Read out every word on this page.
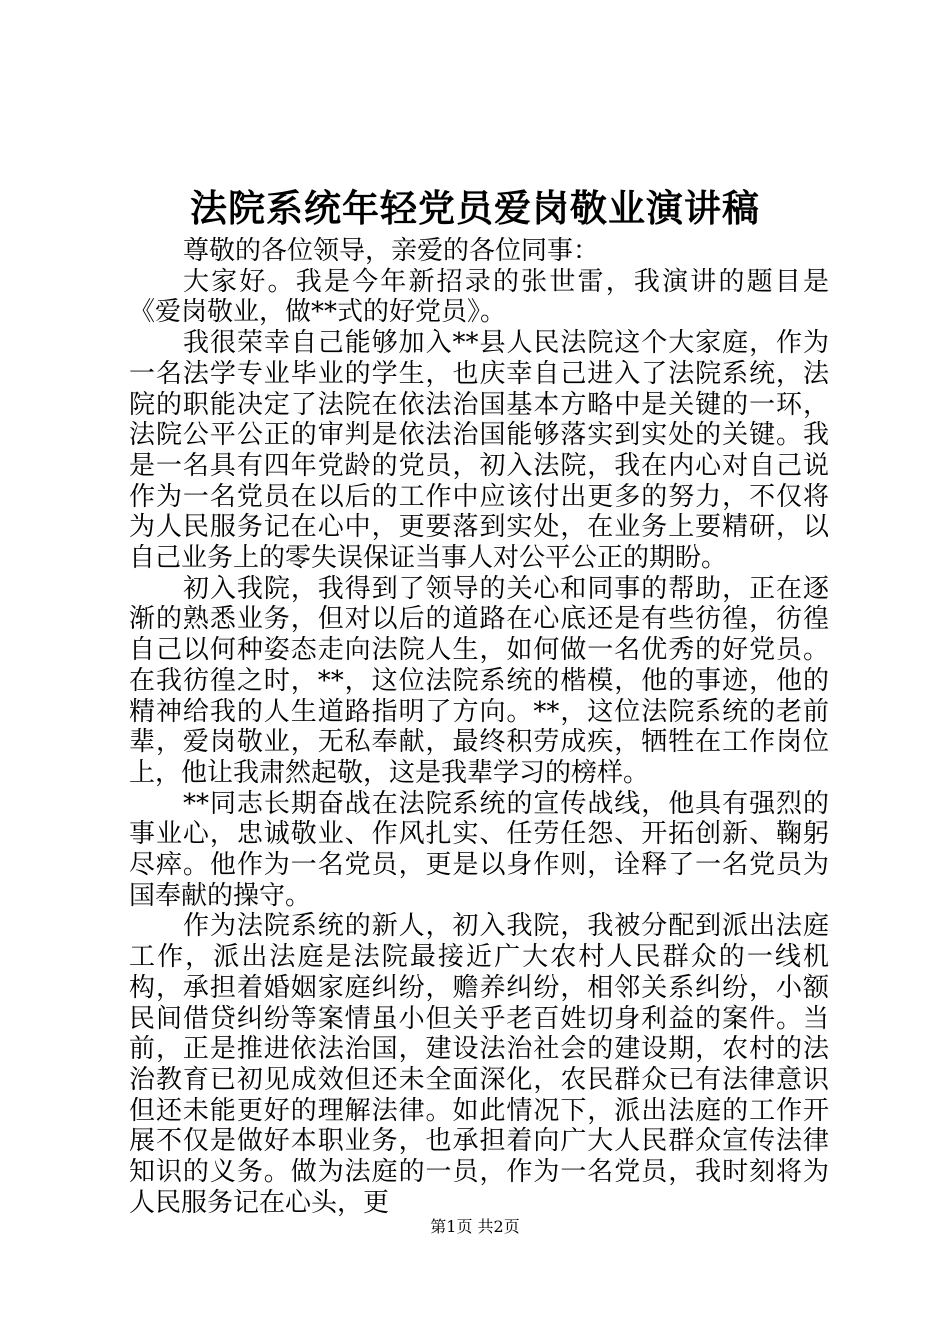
法院系统年轻党员爱岗敬业演讲稿

尊敬的各位领导，亲爱的各位同事：

大家好。我是今年新招录的张世雷，我演讲的题目是《爱岗敬业，做**式的好党员》。

我很荣幸自己能够加入**县人民法院这个大家庭，作为一名法学专业毕业的学生，也庆幸自己进入了法院系统，法院的职能决定了法院在依法治国基本方略中是关键的一环，法院公平公正的审判是依法治国能够落实到实处的关键。我是一名具有四年党龄的党员，初入法院，我在内心对自己说作为一名党员在以后的工作中应该付出更多的努力，不仅将为人民服务记在心中，更要落到实处，在业务上要精研，以自己业务上的零失误保证当事人对公平公正的期盼。

初入我院，我得到了领导的关心和同事的帮助，正在逐渐的熟悉业务，但对以后的道路在心底还是有些彷徨，彷徨自己以何种姿态走向法院人生，如何做一名优秀的好党员。在我彷徨之时，**，这位法院系统的楷模，他的事迹，他的精神给我的人生道路指明了方向。**，这位法院系统的老前辈，爱岗敬业，无私奉献，最终积劳成疾，牺牲在工作岗位上，他让我肃然起敬，这是我辈学习的榜样。

**同志长期奋战在法院系统的宣传战线，他具有强烈的事业心，忠诚敬业、作风扎实、任劳任怨、开拓创新、鞠躬尽瘁。他作为一名党员，更是以身作则，诠释了一名党员为国奉献的操守。

作为法院系统的新人，初入我院，我被分配到派出法庭工作，派出法庭是法院最接近广大农村人民群众的一线机构，承担着婚姻家庭纠纷，赡养纠纷，相邻关系纠纷，小额民间借贷纠纷等案情虽小但关乎老百姓切身利益的案件。当前，正是推进依法治国，建设法治社会的建设期，农村的法治教育已初见成效但还未全面深化，农民群众已有法律意识但还未能更好的理解法律。如此情况下，派出法庭的工作开展不仅是做好本职业务，也承担着向广大人民群众宣传法律知识的义务。做为法庭的一员，作为一名党员，我时刻将为人民服务记在心头，更

第1页 共2页
